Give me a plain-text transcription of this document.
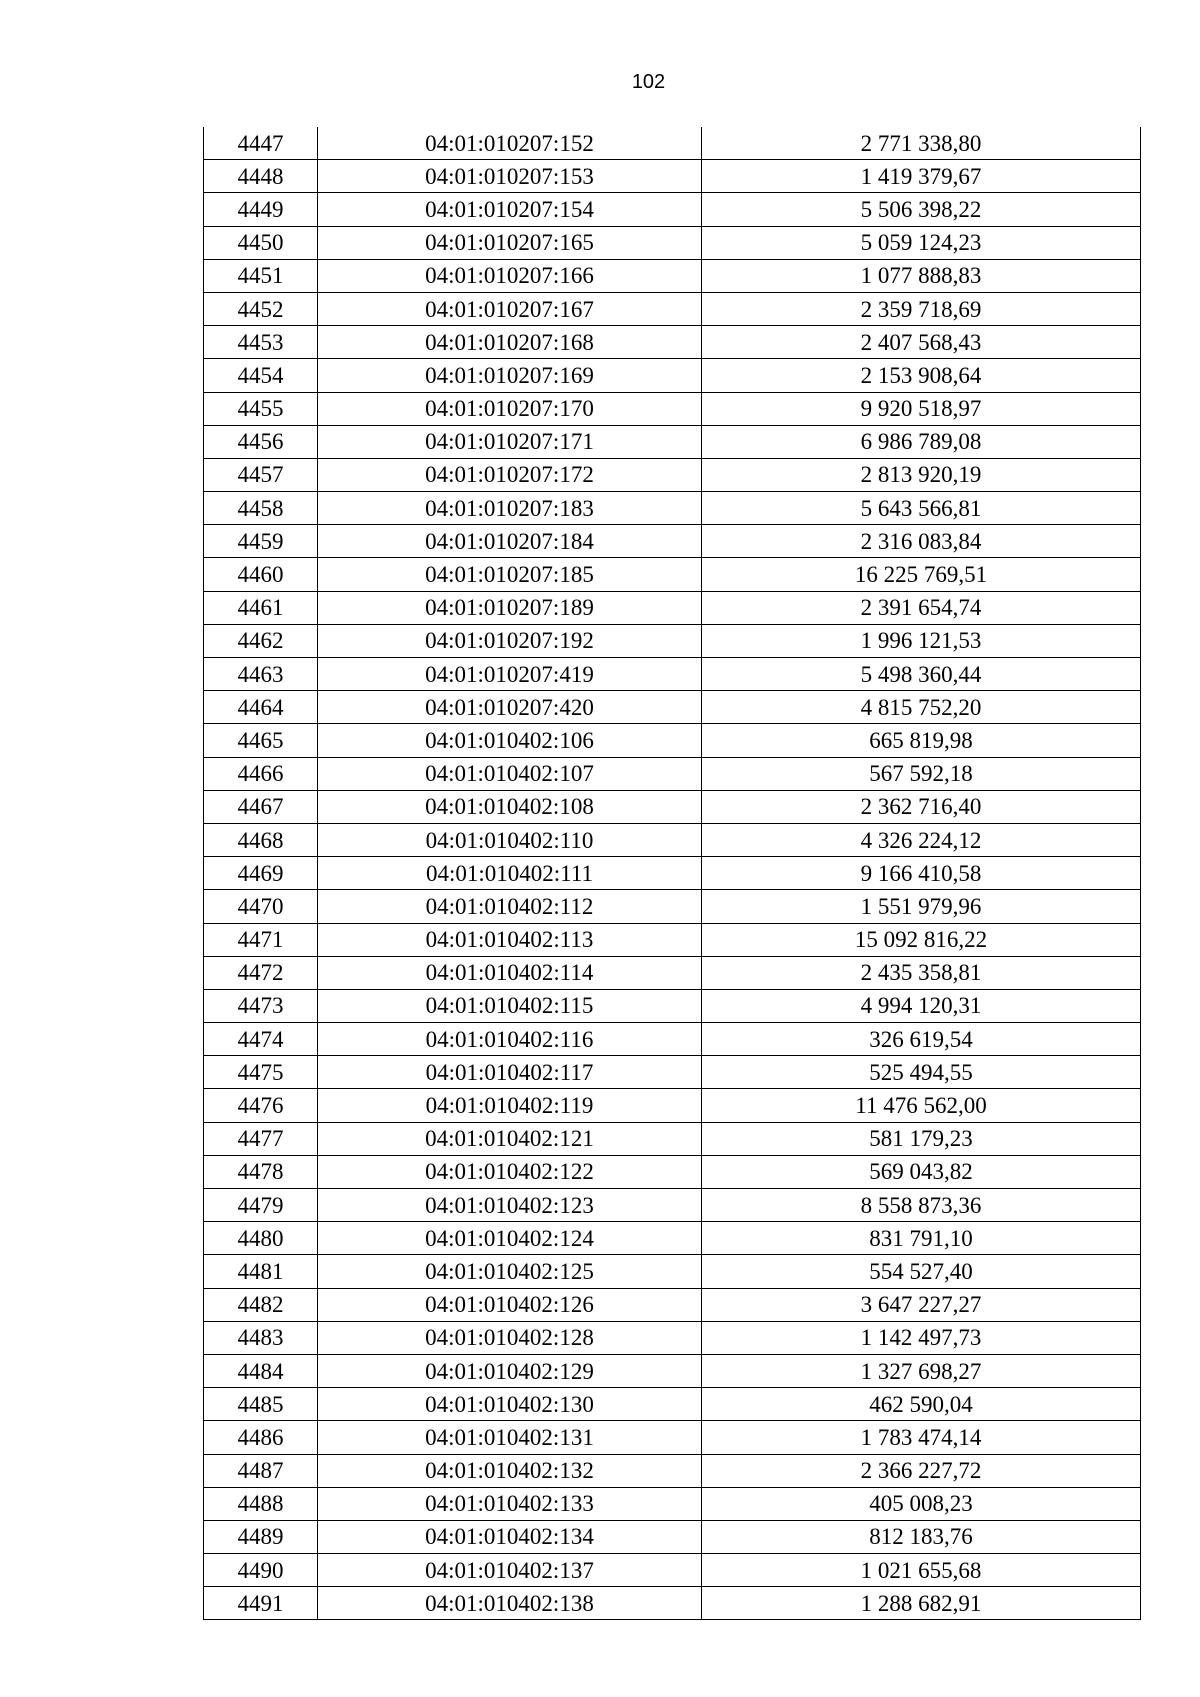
102
4447	04:01:010207:152	2 771 338,80
4448	04:01:010207:153	1 419 379,67
4449	04:01:010207:154	5 506 398,22
4450	04:01:010207:165	5 059 124,23
4451	04:01:010207:166	1 077 888,83
4452	04:01:010207:167	2 359 718,69
4453	04:01:010207:168	2 407 568,43
4454	04:01:010207:169	2 153 908,64
4455	04:01:010207:170	9 920 518,97
4456	04:01:010207:171	6 986 789,08
4457	04:01:010207:172	2 813 920,19
4458	04:01:010207:183	5 643 566,81
4459	04:01:010207:184	2 316 083,84
4460	04:01:010207:185	16 225 769,51
4461	04:01:010207:189	2 391 654,74
4462	04:01:010207:192	1 996 121,53
4463	04:01:010207:419	5 498 360,44
4464	04:01:010207:420	4 815 752,20
4465	04:01:010402:106	665 819,98
4466	04:01:010402:107	567 592,18
4467	04:01:010402:108	2 362 716,40
4468	04:01:010402:110	4 326 224,12
4469	04:01:010402:111	9 166 410,58
4470	04:01:010402:112	1 551 979,96
4471	04:01:010402:113	15 092 816,22
4472	04:01:010402:114	2 435 358,81
4473	04:01:010402:115	4 994 120,31
4474	04:01:010402:116	326 619,54
4475	04:01:010402:117	525 494,55
4476	04:01:010402:119	11 476 562,00
4477	04:01:010402:121	581 179,23
4478	04:01:010402:122	569 043,82
4479	04:01:010402:123	8 558 873,36
4480	04:01:010402:124	831 791,10
4481	04:01:010402:125	554 527,40
4482	04:01:010402:126	3 647 227,27
4483	04:01:010402:128	1 142 497,73
4484	04:01:010402:129	1 327 698,27
4485	04:01:010402:130	462 590,04
4486	04:01:010402:131	1 783 474,14
4487	04:01:010402:132	2 366 227,72
4488	04:01:010402:133	405 008,23
4489	04:01:010402:134	812 183,76
4490	04:01:010402:137	1 021 655,68
4491	04:01:010402:138	1 288 682,91
